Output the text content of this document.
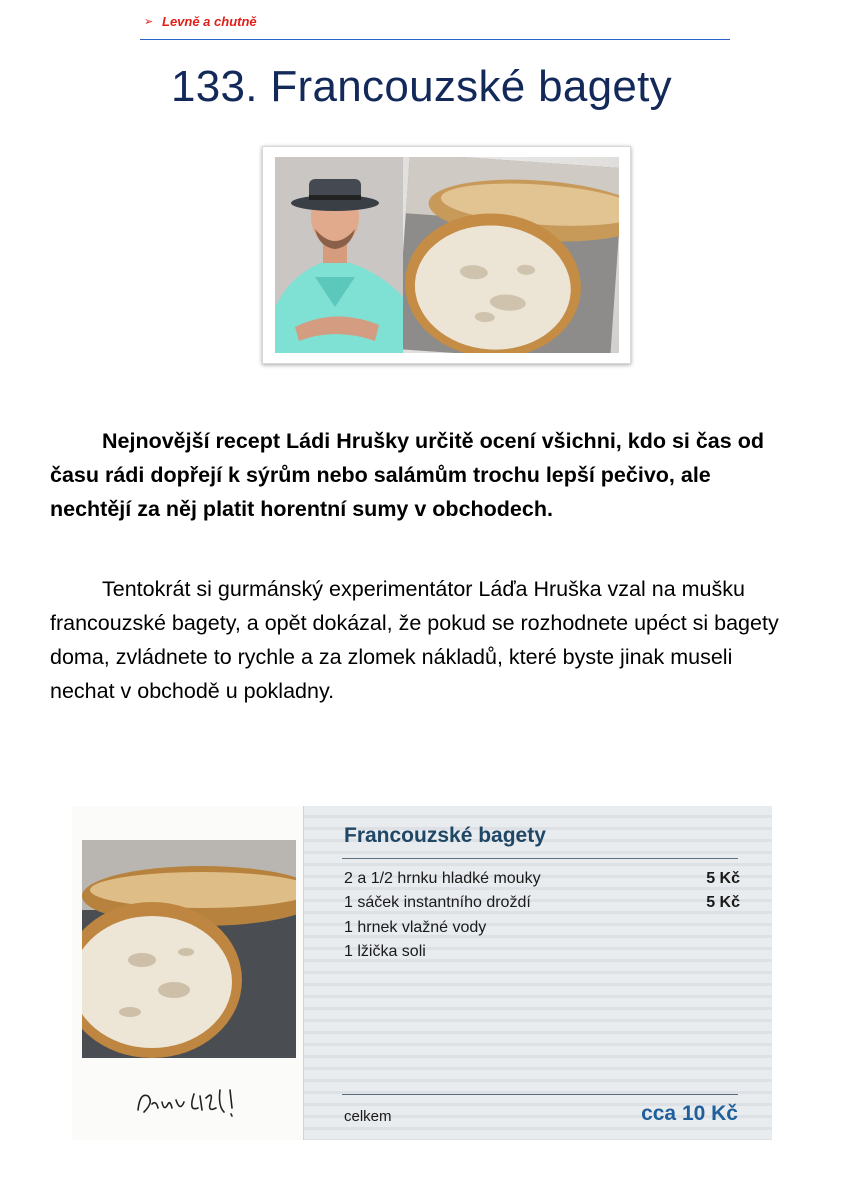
➢ Levně a chutně
133. Francouzské bagety

Nejnovější recept Ládi Hrušky určitě ocení všichni, kdo si čas od času rádi dopřejí k sýrům nebo salámům trochu lepší pečivo, ale nechtějí za něj platit horentní sumy v obchodech.

Tentokrát si gurmánský experimentátor Láďa Hruška vzal na mušku francouzské bagety, a opět dokázal, že pokud se rozhodnete upéct si bagety doma, zvládnete to rychle a za zlomek nákladů, které byste jinak museli nechat v obchodě u pokladny.

Francouzské bagety
2 a 1/2 hrnku hladké mouky	5 Kč
1 sáček instantního droždí	5 Kč
1 hrnek vlažné vody
1 lžička soli
celkem	cca 10 Kč
